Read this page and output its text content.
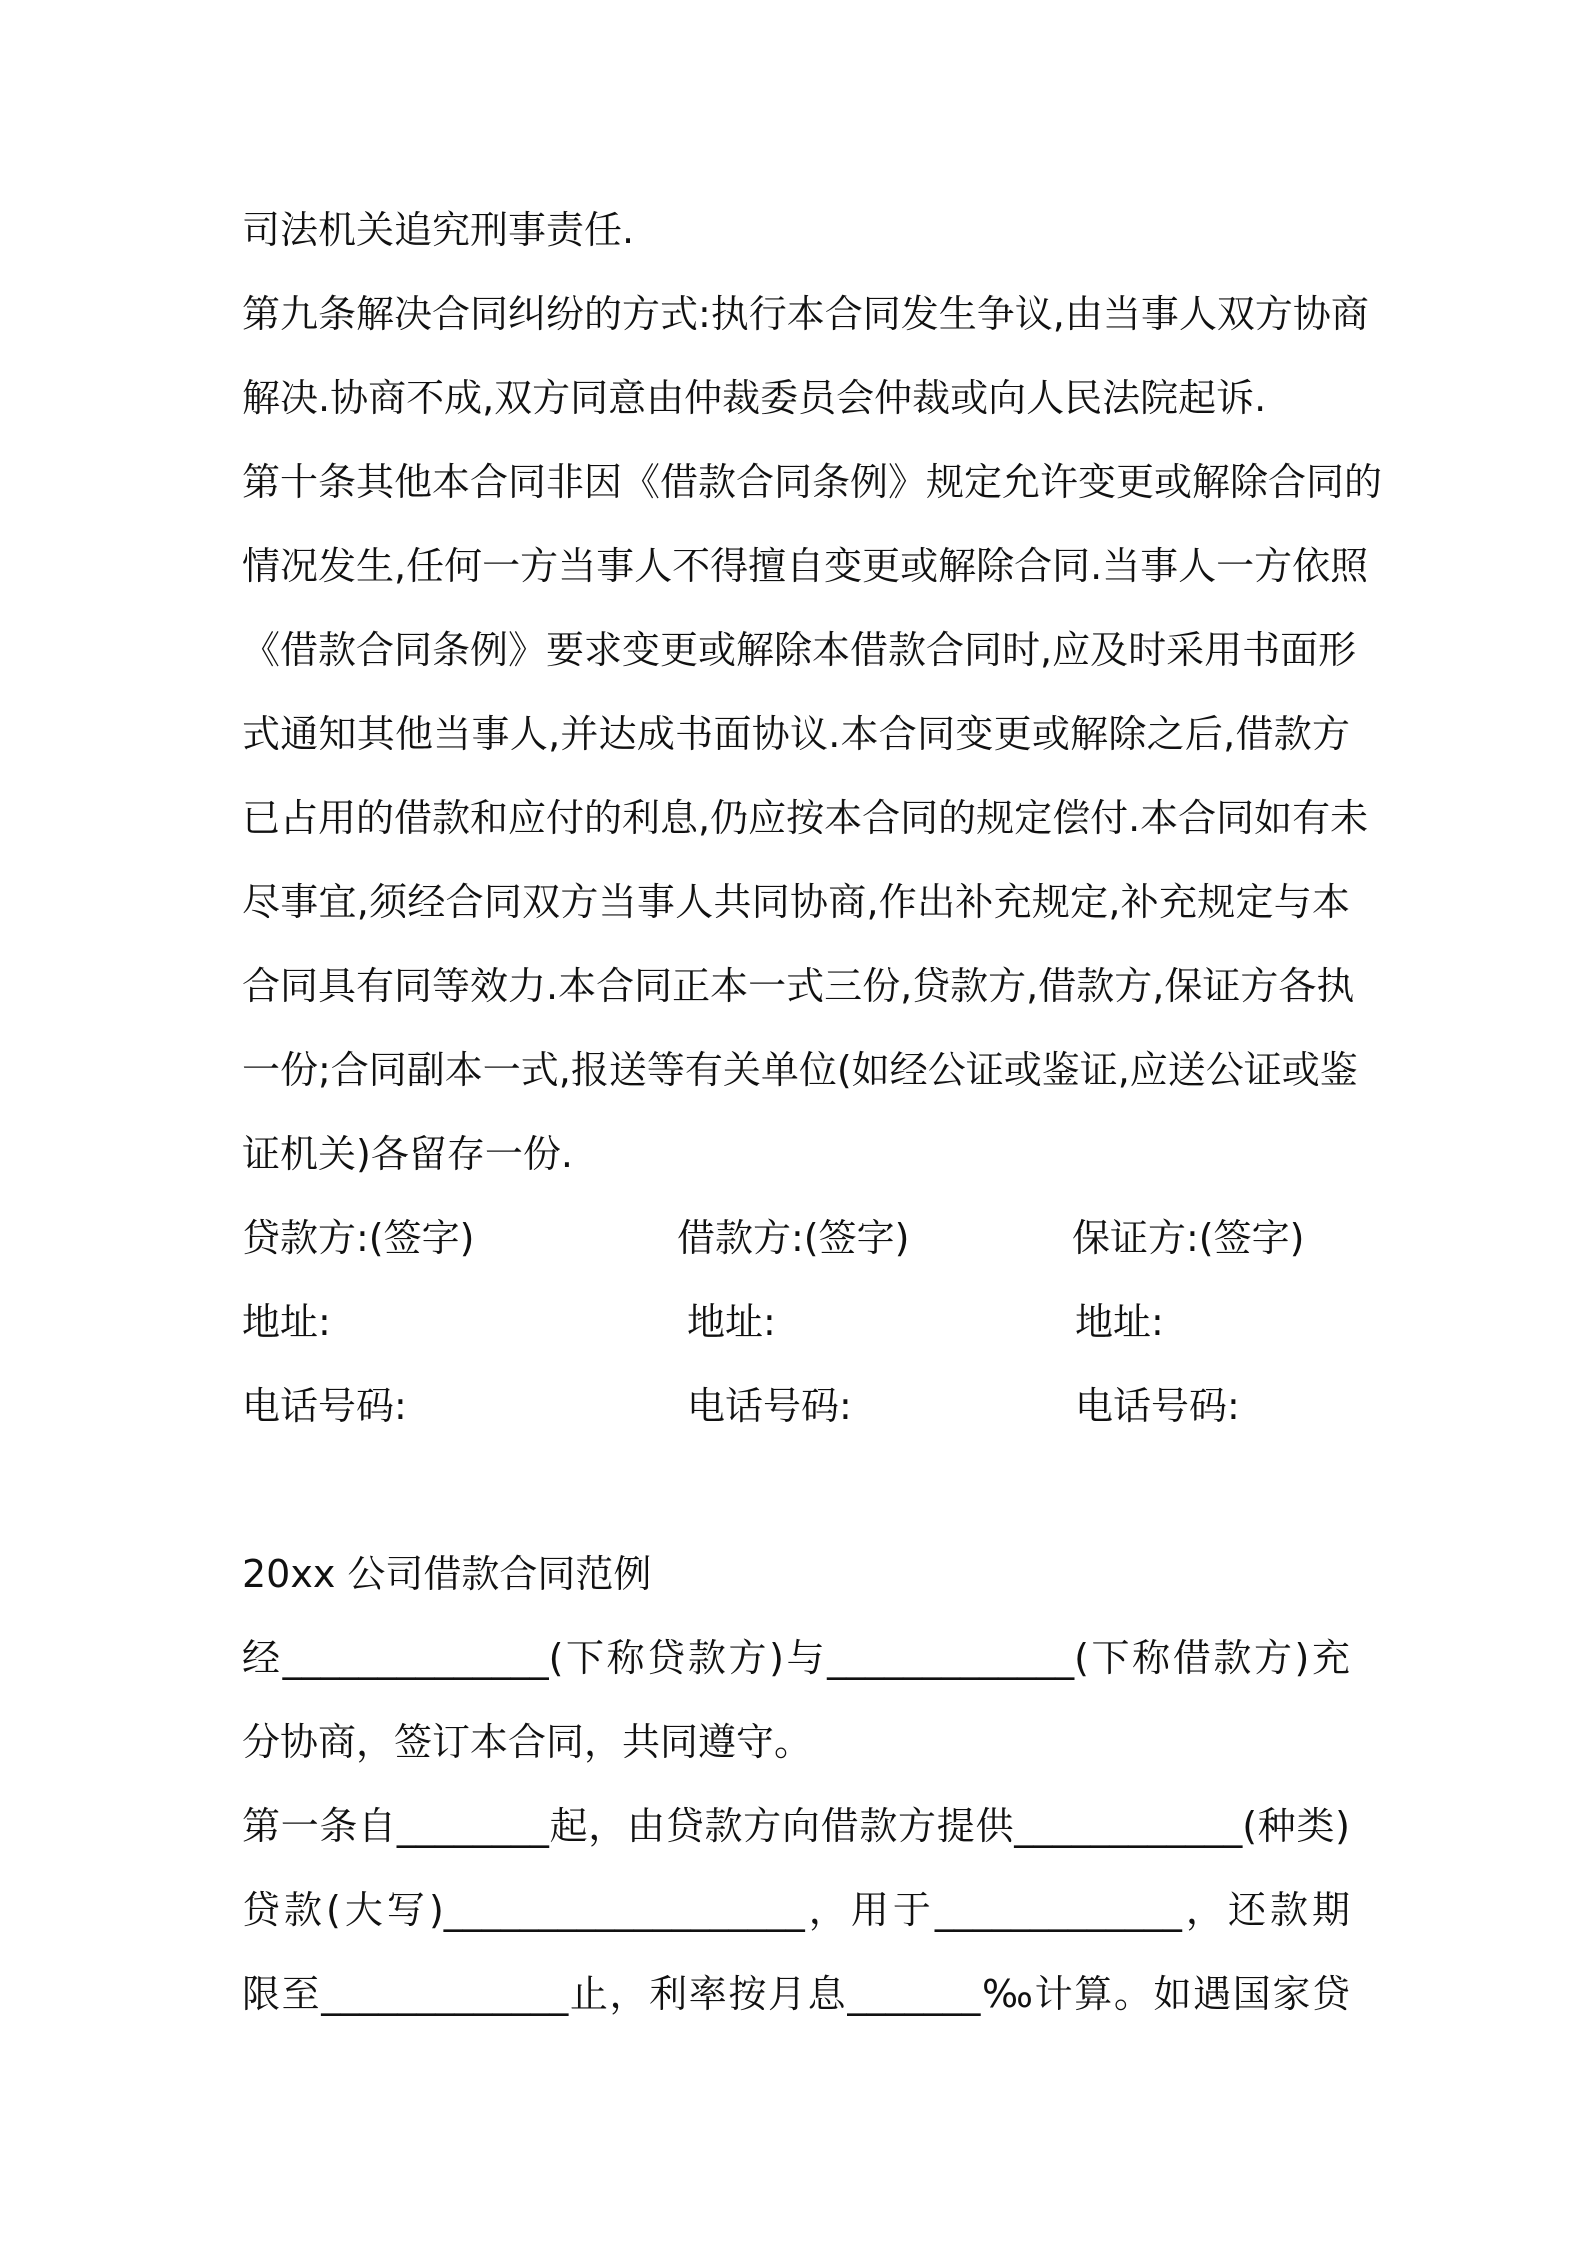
司法机关追究刑事责任.
第九条解决合同纠纷的方式:执行本合同发生争议,由当事人双方协商
解决.协商不成,双方同意由仲裁委员会仲裁或向人民法院起诉.
第十条其他本合同非因《借款合同条例》规定允许变更或解除合同的
情况发生,任何一方当事人不得擅自变更或解除合同.当事人一方依照
《借款合同条例》要求变更或解除本借款合同时,应及时采用书面形
式通知其他当事人,并达成书面协议.本合同变更或解除之后,借款方
已占用的借款和应付的利息,仍应按本合同的规定偿付.本合同如有未
尽事宜,须经合同双方当事人共同协商,作出补充规定,补充规定与本
合同具有同等效力.本合同正本一式三份,贷款方,借款方,保证方各执
一份;合同副本一式,报送等有关单位(如经公证或鉴证,应送公证或鉴
证机关)各留存一份.
贷款方:(签字)	借款方:(签字)	保证方:(签字)
地址:	地址:	地址:
电话号码:	电话号码:	电话号码:
20xx 公司借款合同范例
经______________(下称贷款方)与_____________(下称借款方)充
分协商，签订本合同，共同遵守。
第一条自________起，由贷款方向借款方提供____________(种类)
贷款(大写)___________________，用于_____________，还款期
限至_____________止，利率按月息_______‰计算。如遇国家贷
